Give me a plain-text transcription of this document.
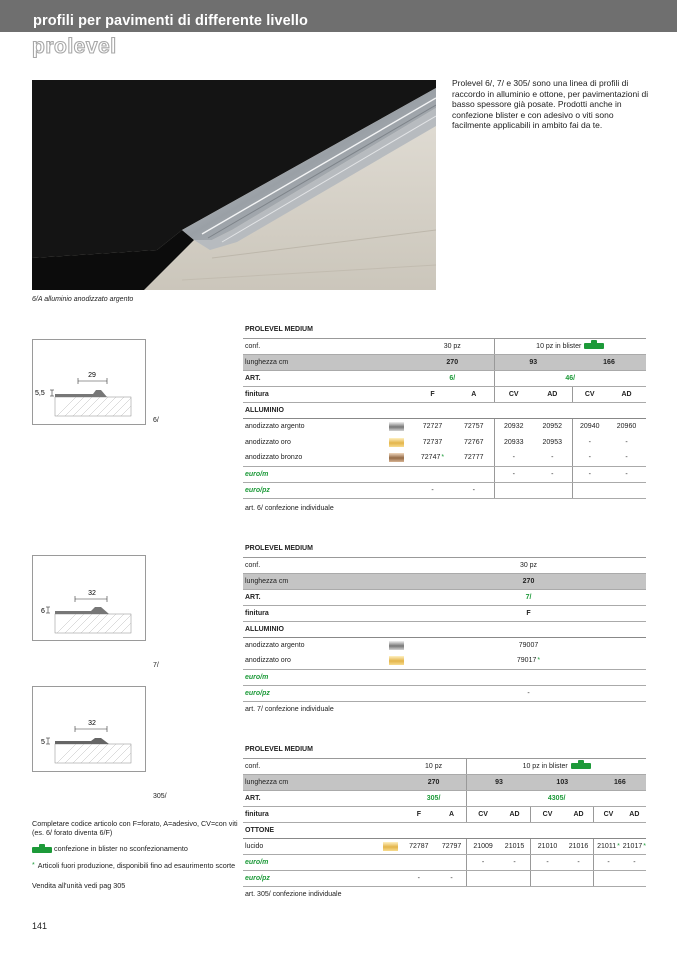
profili per pavimenti di differente livello
prolevel
6/A alluminio anodizzato argento
Prolevel 6/, 7/ e 305/ sono una linea di profili di raccordo in alluminio e ottone, per pavimentazioni di basso spessore già posate. Prodotti anche in confezione blister e con adesivo o viti sono facilmente applicabili in ambito fai da te.
29
5,5
6/
32
6
7/
32
5
305/
PROLEVEL MEDIUM							
conf.		30 pz		10 pz in blister			
lunghezza cm		270		93		166	
ART.		6/		46/			
finitura		F	A	CV	AD	CV	AD
ALLUMINIO							
anodizzato argento		72727	72757	20932	20952	20940	20960
anodizzato oro		72737	72767	20933	20953	-	-
anodizzato bronzo		72747*	72777	-	-	-	-
euro/m				-	-	-	-
euro/pz		-	-				
art. 6/ confezione individuale
PROLEVEL MEDIUM		
conf.		30 pz
lunghezza cm		270
ART.		7/
finitura		F
ALLUMINIO		
anodizzato argento		79007
anodizzato oro		79017*
euro/m		
euro/pz		-
art. 7/ confezione individuale
PROLEVEL MEDIUM									
conf.		10 pz		10 pz in blister					
lunghezza cm		270		93		103		166	
ART.		305/		4305/					
finitura		F	A	CV	AD	CV	AD	CV	AD
OTTONE									
lucido		72787	72797	21009	21015	21010	21016	21011*	21017*
euro/m				-	-	-	-	-	-
euro/pz		-	-						
art. 305/ confezione individuale
Completare codice articolo con F=forato, A=adesivo, CV=con viti (es. 6/ forato diventa 6/F)
confezione in blister no sconfezionamento
* Articoli fuori produzione, disponibili fino ad esaurimento scorte
Vendita all'unità vedi pag 305
141
